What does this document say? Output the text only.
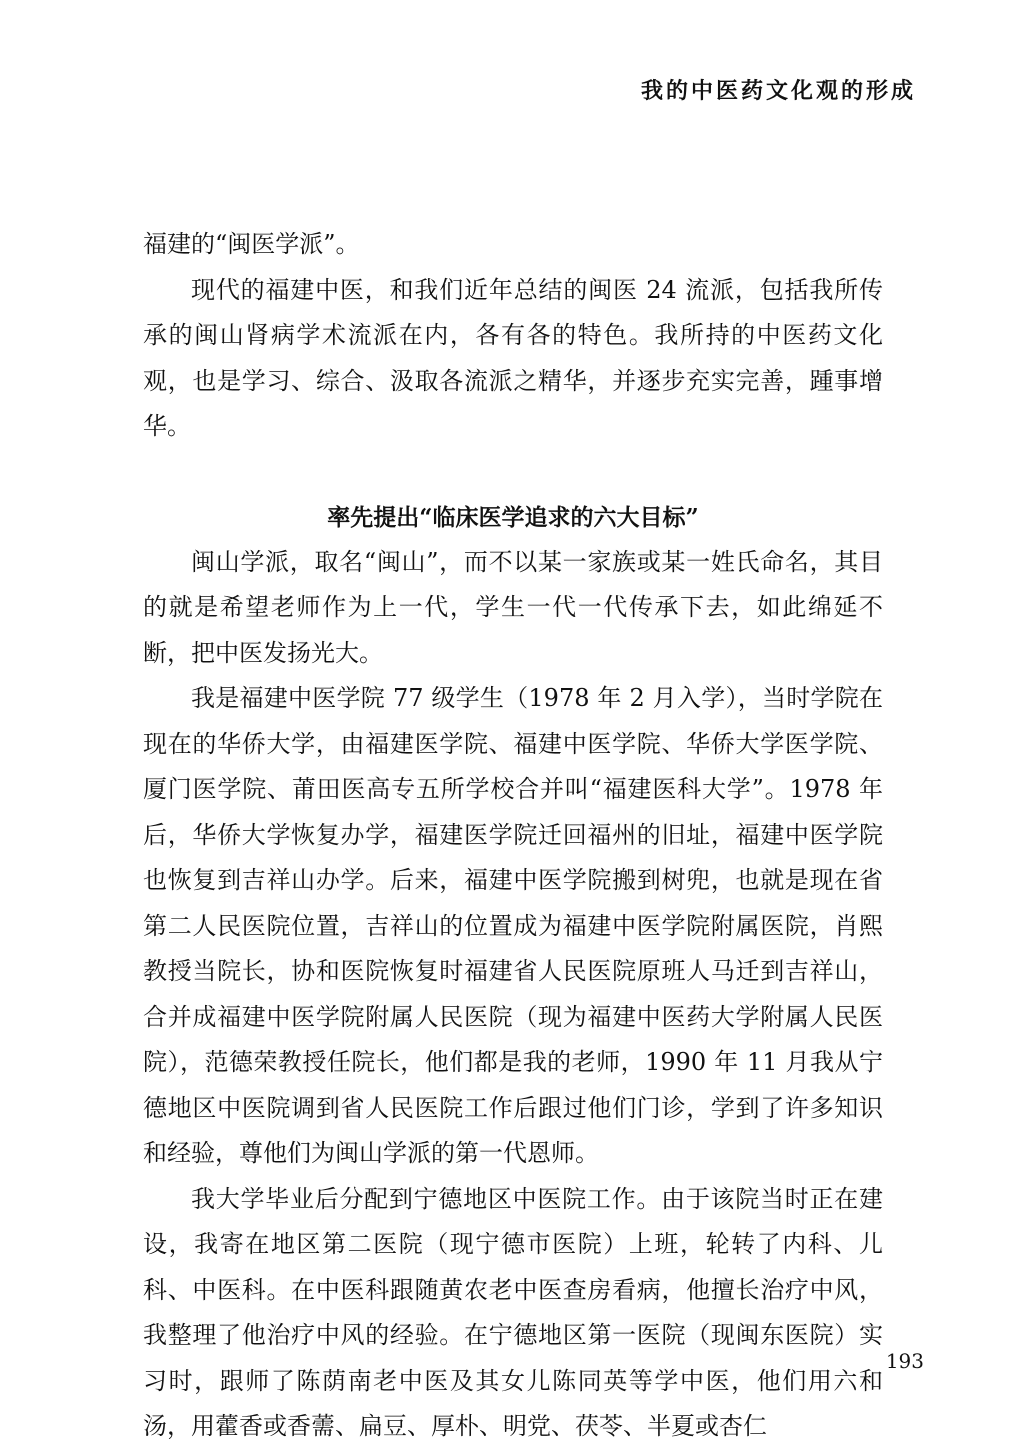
我的中医药文化观的形成

福建的“闽医学派”。

现代的福建中医，和我们近年总结的闽医 24 流派，包括我所传承的闽山肾病学术流派在内，各有各的特色。我所持的中医药文化观，也是学习、综合、汲取各流派之精华，并逐步充实完善，踵事增华。

率先提出“临床医学追求的六大目标”

闽山学派，取名“闽山”，而不以某一家族或某一姓氏命名，其目的就是希望老师作为上一代，学生一代一代传承下去，如此绵延不断，把中医发扬光大。

我是福建中医学院 77 级学生（1978 年 2 月入学），当时学院在现在的华侨大学，由福建医学院、福建中医学院、华侨大学医学院、厦门医学院、莆田医高专五所学校合并叫“福建医科大学”。1978 年后，华侨大学恢复办学，福建医学院迁回福州的旧址，福建中医学院也恢复到吉祥山办学。后来，福建中医学院搬到树兜，也就是现在省第二人民医院位置，吉祥山的位置成为福建中医学院附属医院，肖熙教授当院长，协和医院恢复时福建省人民医院原班人马迁到吉祥山，合并成福建中医学院附属人民医院（现为福建中医药大学附属人民医院），范德荣教授任院长，他们都是我的老师，1990 年 11 月我从宁德地区中医院调到省人民医院工作后跟过他们门诊，学到了许多知识和经验，尊他们为闽山学派的第一代恩师。

我大学毕业后分配到宁德地区中医院工作。由于该院当时正在建设，我寄在地区第二医院（现宁德市医院）上班，轮转了内科、儿科、中医科。在中医科跟随黄农老中医查房看病，他擅长治疗中风，我整理了他治疗中风的经验。在宁德地区第一医院（现闽东医院）实习时，跟师了陈荫南老中医及其女儿陈同英等学中医，他们用六和汤，用藿香或香薷、扁豆、厚朴、明党、茯苓、半夏或杏仁

193
